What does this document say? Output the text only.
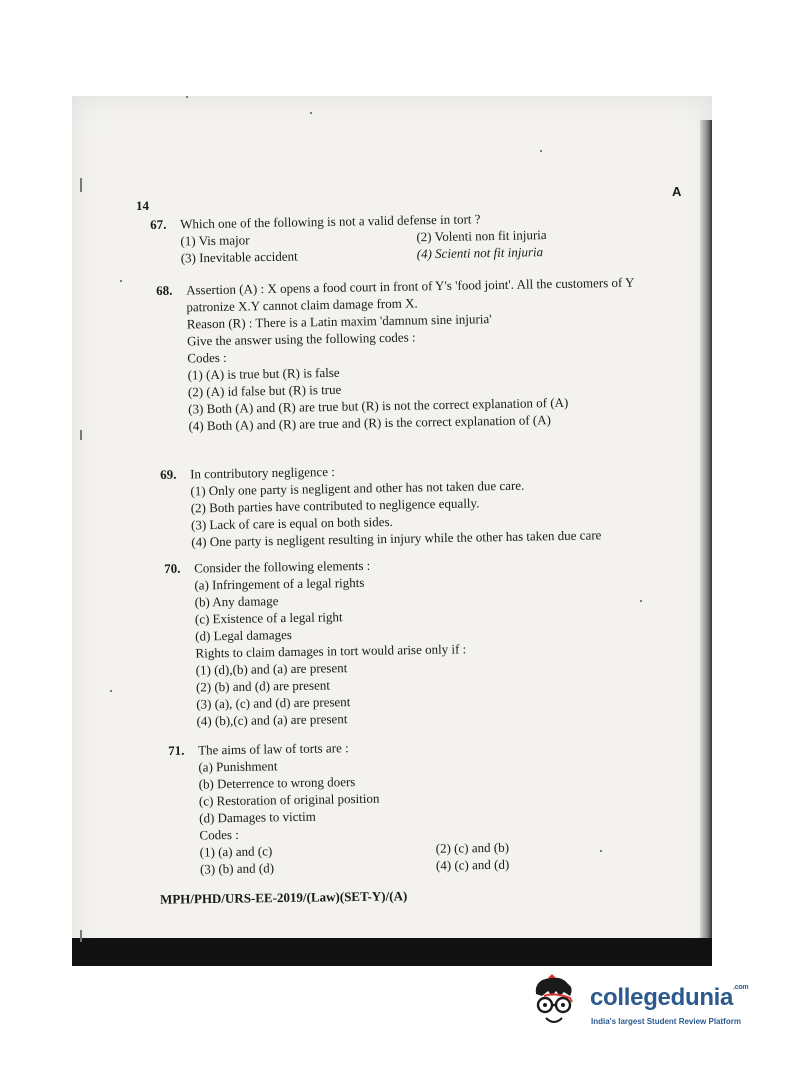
14
A
67. Which one of the following is not a valid defense in tort ?
(1) Vis major	(2) Volenti non fit injuria
(3) Inevitable accident	(4) Scienti not fit injuria
68. Assertion (A) : X opens a food court in front of Y's 'food joint'. All the customers of Y
patronize X.Y cannot claim damage from X.
Reason (R) : There is a Latin maxim 'damnum sine injuria'
Give the answer using the following codes :
Codes :
(1) (A) is true but (R) is false
(2) (A) id false but (R) is true
(3) Both (A) and (R) are true but (R) is not the correct explanation of (A)
(4) Both (A) and (R) are true and (R) is the correct explanation of (A)
69. In contributory negligence :
(1) Only one party is negligent and other has not taken due care.
(2) Both parties have contributed to negligence equally.
(3) Lack of care is equal on both sides.
(4) One party is negligent resulting in injury while the other has taken due care
70. Consider the following elements :
(a) Infringement of a legal rights
(b) Any damage
(c) Existence of a legal right
(d) Legal damages
Rights to claim damages in tort would arise only if :
(1) (d),(b) and (a) are present
(2) (b) and (d) are present
(3) (a), (c) and (d) are present
(4) (b),(c) and (a) are present
71. The aims of law of torts are :
(a) Punishment
(b) Deterrence to wrong doers
(c) Restoration of original position
(d) Damages to victim
Codes :
(1) (a) and (c)	(2) (c) and (b)
(3) (b) and (d)	(4) (c) and (d)
MPH/PHD/URS-EE-2019/(Law)(SET-Y)/(A)
collegedunia$^{.com}$
India's largest Student Review Platform
